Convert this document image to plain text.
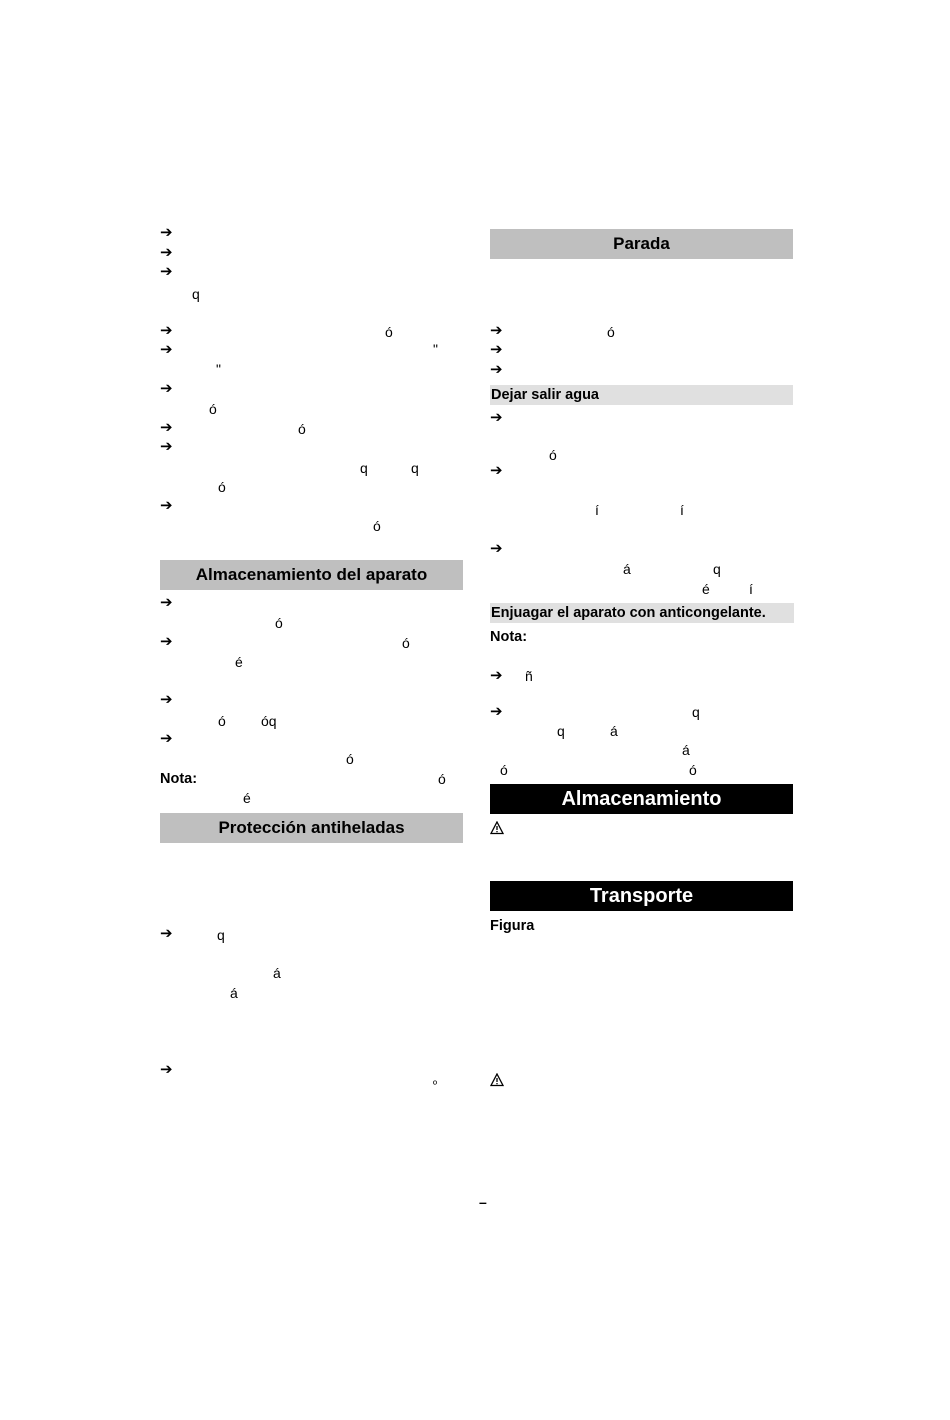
➔
➔
➔
q
➔	ó
➔	"
"
➔
ó
➔	ó
➔
q	q
ó
➔
ó
Almacenamiento del aparato
➔
ó
➔	ó
é
➔
ó	óq
➔
ó
Nota:	ó
é
Protección antiheladas
➔	q
á
á
➔
º
Parada
➔	ó
➔
➔
Dejar salir agua
➔
ó
➔
í	í
➔
á	q
é	í
Enjuagar el aparato con anticongelante.
Nota:
➔ ñ
➔	q
q	á
á
ó	ó
Almacenamiento
Transporte
Figura
–
